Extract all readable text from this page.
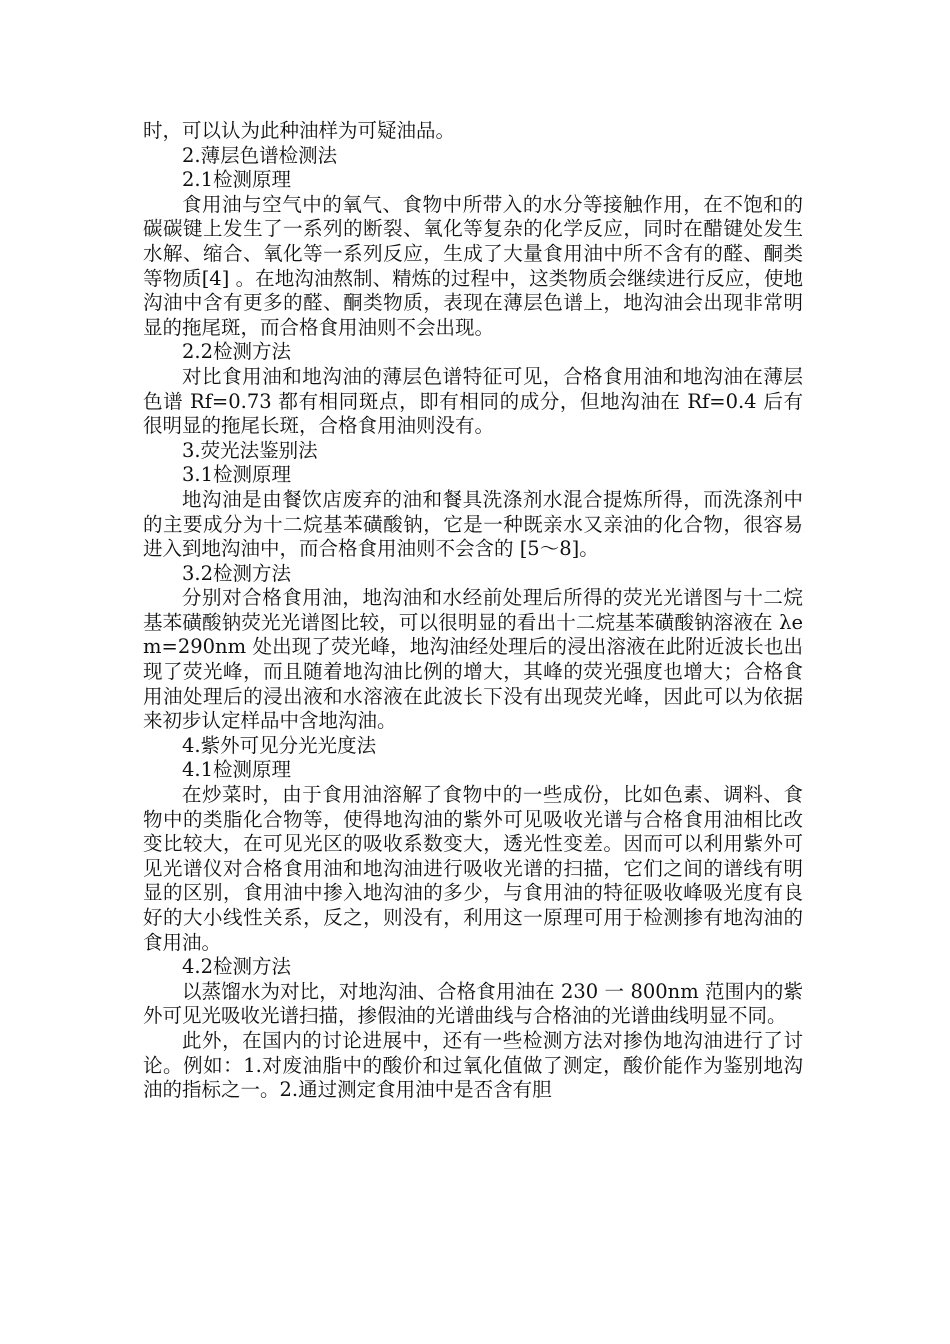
时，可以认为此种油样为可疑油品。

2.薄层色谱检测法

2.1检测原理

食用油与空气中的氧气、食物中所带入的水分等接触作用，在不饱和的碳碳键上发生了一系列的断裂、氧化等复杂的化学反应，同时在醋键处发生水解、缩合、氧化等一系列反应，生成了大量食用油中所不含有的醛、酮类等物质[4] 。在地沟油熬制、精炼的过程中，这类物质会继续进行反应，使地沟油中含有更多的醛、酮类物质，表现在薄层色谱上，地沟油会出现非常明显的拖尾斑，而合格食用油则不会出现。

2.2检测方法

对比食用油和地沟油的薄层色谱特征可见，合格食用油和地沟油在薄层色谱 Rf=0.73 都有相同斑点，即有相同的成分，但地沟油在 Rf=0.4 后有很明显的拖尾长斑，合格食用油则没有。

3.荧光法鉴别法

3.1检测原理

地沟油是由餐饮店废弃的油和餐具洗涤剂水混合提炼所得，而洗涤剂中的主要成分为十二烷基苯磺酸钠，它是一种既亲水又亲油的化合物，很容易进入到地沟油中，而合格食用油则不会含的 [5～8]。

3.2检测方法

分别对合格食用油，地沟油和水经前处理后所得的荧光光谱图与十二烷基苯磺酸钠荧光光谱图比较，可以很明显的看出十二烷基苯磺酸钠溶液在 λem=290nm 处出现了荧光峰，地沟油经处理后的浸出溶液在此附近波长也出现了荧光峰，而且随着地沟油比例的增大，其峰的荧光强度也增大；合格食用油处理后的浸出液和水溶液在此波长下没有出现荧光峰，因此可以为依据来初步认定样品中含地沟油。

4.紫外可见分光光度法

4.1检测原理

在炒菜时，由于食用油溶解了食物中的一些成份，比如色素、调料、食物中的类脂化合物等，使得地沟油的紫外可见吸收光谱与合格食用油相比改变比较大，在可见光区的吸收系数变大，透光性变差。因而可以利用紫外可见光谱仪对合格食用油和地沟油进行吸收光谱的扫描，它们之间的谱线有明显的区别，食用油中掺入地沟油的多少，与食用油的特征吸收峰吸光度有良好的大小线性关系，反之，则没有，利用这一原理可用于检测掺有地沟油的食用油。

4.2检测方法

以蒸馏水为对比，对地沟油、合格食用油在 230 一 800nm 范围内的紫外可见光吸收光谱扫描，掺假油的光谱曲线与合格油的光谱曲线明显不同。

此外，在国内的讨论进展中，还有一些检测方法对掺伪地沟油进行了讨论。例如：1.对废油脂中的酸价和过氧化值做了测定，酸价能作为鉴别地沟油的指标之一。2.通过测定食用油中是否含有胆
